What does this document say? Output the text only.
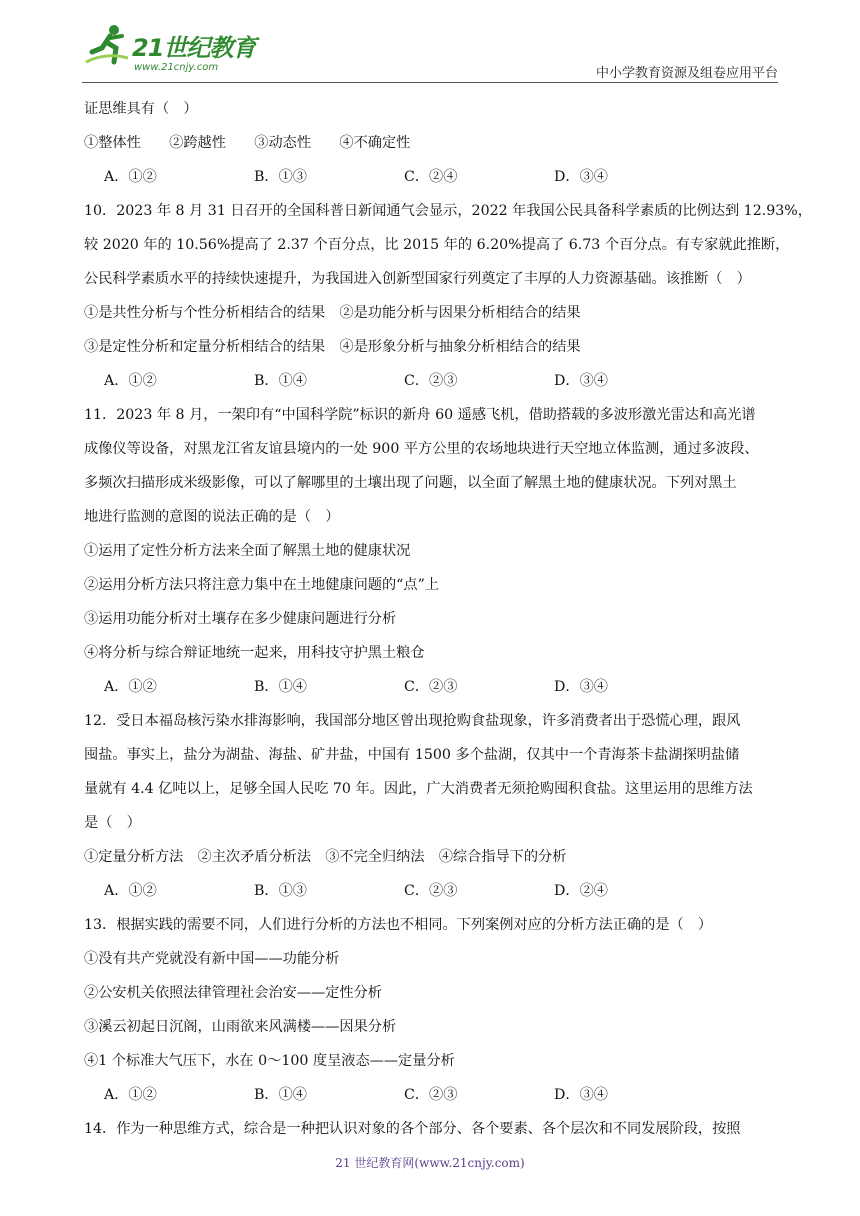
21世纪教育
www.21cnjy.com	中小学教育资源及组卷应用平台
证思维具有（　）
①整体性　　②跨越性　　③动态性　　④不确定性
A．①②	B．①③	C．②④	D．③④
10．2023 年 8 月 31 日召开的全国科普日新闻通气会显示，2022 年我国公民具备科学素质的比例达到 12.93%，
较 2020 年的 10.56%提高了 2.37 个百分点，比 2015 年的 6.20%提高了 6.73 个百分点。有专家就此推断，
公民科学素质水平的持续快速提升，为我国进入创新型国家行列奠定了丰厚的人力资源基础。该推断（　）
①是共性分析与个性分析相结合的结果　②是功能分析与因果分析相结合的结果
③是定性分析和定量分析相结合的结果　④是形象分析与抽象分析相结合的结果
A．①②	B．①④	C．②③	D．③④
11．2023 年 8 月，一架印有“中国科学院”标识的新舟 60 遥感飞机，借助搭载的多波形激光雷达和高光谱
成像仪等设备，对黑龙江省友谊县境内的一处 900 平方公里的农场地块进行天空地立体监测，通过多波段、
多频次扫描形成米级影像，可以了解哪里的土壤出现了问题，以全面了解黑土地的健康状况。下列对黑土
地进行监测的意图的说法正确的是（　）
①运用了定性分析方法来全面了解黑土地的健康状况
②运用分析方法只将注意力集中在土地健康问题的“点”上
③运用功能分析对土壤存在多少健康问题进行分析
④将分析与综合辩证地统一起来，用科技守护黑土粮仓
A．①②	B．①④	C．②③	D．③④
12．受日本福岛核污染水排海影响，我国部分地区曾出现抢购食盐现象，许多消费者出于恐慌心理，跟风
囤盐。事实上，盐分为湖盐、海盐、矿井盐，中国有 1500 多个盐湖，仅其中一个青海茶卡盐湖探明盐储
量就有 4.4 亿吨以上，足够全国人民吃 70 年。因此，广大消费者无须抢购囤积食盐。这里运用的思维方法
是（　）
①定量分析方法　②主次矛盾分析法　③不完全归纳法　④综合指导下的分析
A．①②	B．①③	C．②③	D．②④
13．根据实践的需要不同，人们进行分析的方法也不相同。下列案例对应的分析方法正确的是（　）
①没有共产党就没有新中国——功能分析
②公安机关依照法律管理社会治安——定性分析
③溪云初起日沉阁，山雨欲来风满楼——因果分析
④1 个标准大气压下，水在 0～100 度呈液态——定量分析
A．①②	B．①④	C．②③	D．③④
14．作为一种思维方式，综合是一种把认识对象的各个部分、各个要素、各个层次和不同发展阶段，按照
21 世纪教育网(www.21cnjy.com)
